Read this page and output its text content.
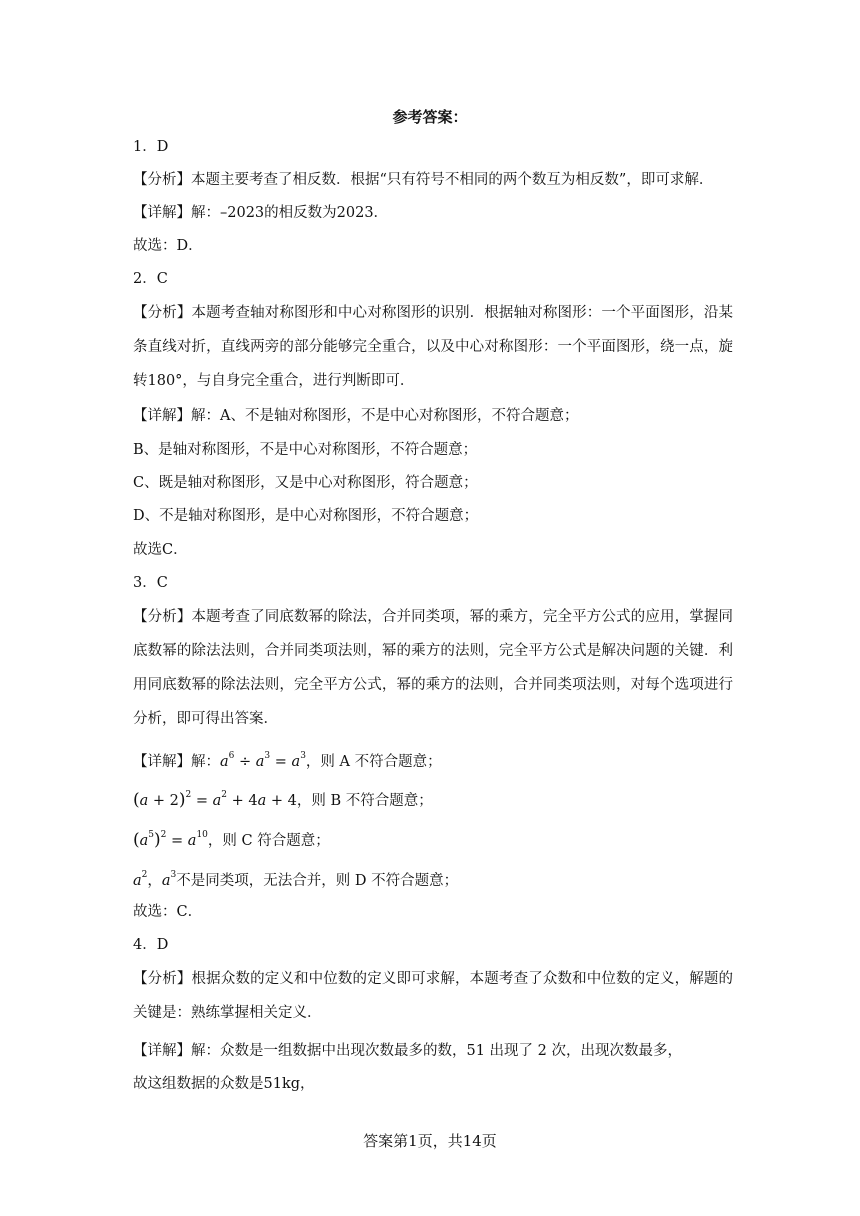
参考答案：
1．D
【分析】本题主要考查了相反数．根据“只有符号不相同的两个数互为相反数”，即可求解．
【详解】解：–2023的相反数为2023．
故选：D．
2．C
【分析】本题考查轴对称图形和中心对称图形的识别．根据轴对称图形：一个平面图形，沿某条直线对折，直线两旁的部分能够完全重合，以及中心对称图形：一个平面图形，绕一点，旋转180°，与自身完全重合，进行判断即可．
【详解】解：A、不是轴对称图形，不是中心对称图形，不符合题意；
B、是轴对称图形，不是中心对称图形，不符合题意；
C、既是轴对称图形，又是中心对称图形，符合题意；
D、不是轴对称图形，是中心对称图形，不符合题意；
故选C．
3．C
【分析】本题考查了同底数幂的除法，合并同类项，幂的乘方，完全平方公式的应用，掌握同底数幂的除法法则，合并同类项法则，幂的乘方的法则，完全平方公式是解决问题的关键．利用同底数幂的除法法则，完全平方公式，幂的乘方的法则，合并同类项法则，对每个选项进行分析，即可得出答案．
【详解】解：$a^6 \div a^3 = a^3$，则 A 不符合题意；
$(a + 2)^2 = a^2 + 4a + 4$，则 B 不符合题意；
$(a^5)^2 = a^{10}$，则 C 符合题意；
$a^2$，$a^3$不是同类项，无法合并，则 D 不符合题意；
故选：C．
4．D
【分析】根据众数的定义和中位数的定义即可求解，本题考查了众数和中位数的定义，解题的关键是：熟练掌握相关定义．
【详解】解：众数是一组数据中出现次数最多的数，51 出现了 2 次，出现次数最多，
故这组数据的众数是51kg，
答案第1页，共14页
